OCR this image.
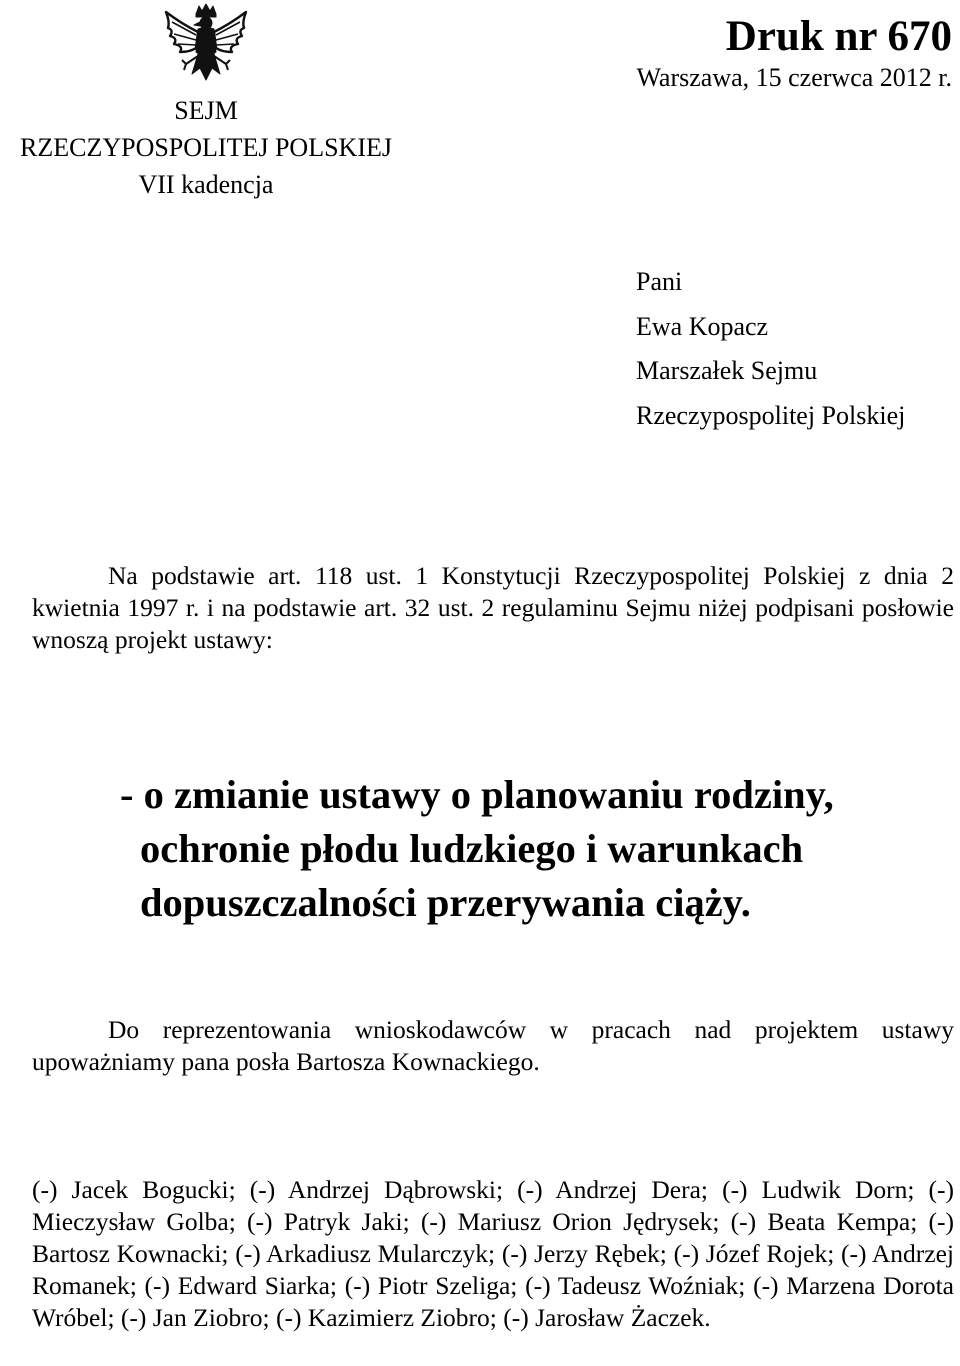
SEJM
RZECZYPOSPOLITEJ POLSKIEJ
VII kadencja
Druk nr 670
Warszawa, 15 czerwca 2012 r.
Pani
Ewa Kopacz
Marszałek Sejmu
Rzeczypospolitej Polskiej
Na podstawie art. 118 ust. 1 Konstytucji Rzeczypospolitej Polskiej z dnia 2 kwietnia 1997 r. i na podstawie art. 32 ust. 2 regulaminu Sejmu niżej podpisani posłowie wnoszą projekt ustawy:
- o zmianie ustawy o planowaniu rodziny,
ochronie płodu ludzkiego i warunkach
dopuszczalności przerywania ciąży.
Do reprezentowania wnioskodawców w pracach nad projektem ustawy upoważniamy pana posła Bartosza Kownackiego.
(-) Jacek Bogucki; (-) Andrzej Dąbrowski; (-) Andrzej Dera; (-) Ludwik Dorn; (-) Mieczysław Golba; (-) Patryk Jaki; (-) Mariusz Orion Jędrysek; (-) Beata Kempa; (-) Bartosz Kownacki; (-) Arkadiusz Mularczyk; (-) Jerzy Rębek; (-) Józef Rojek; (-) Andrzej Romanek; (-) Edward Siarka; (-) Piotr Szeliga; (-) Tadeusz Woźniak; (-) Marzena Dorota Wróbel; (-) Jan Ziobro; (-) Kazimierz Ziobro; (-) Jarosław Żaczek.
